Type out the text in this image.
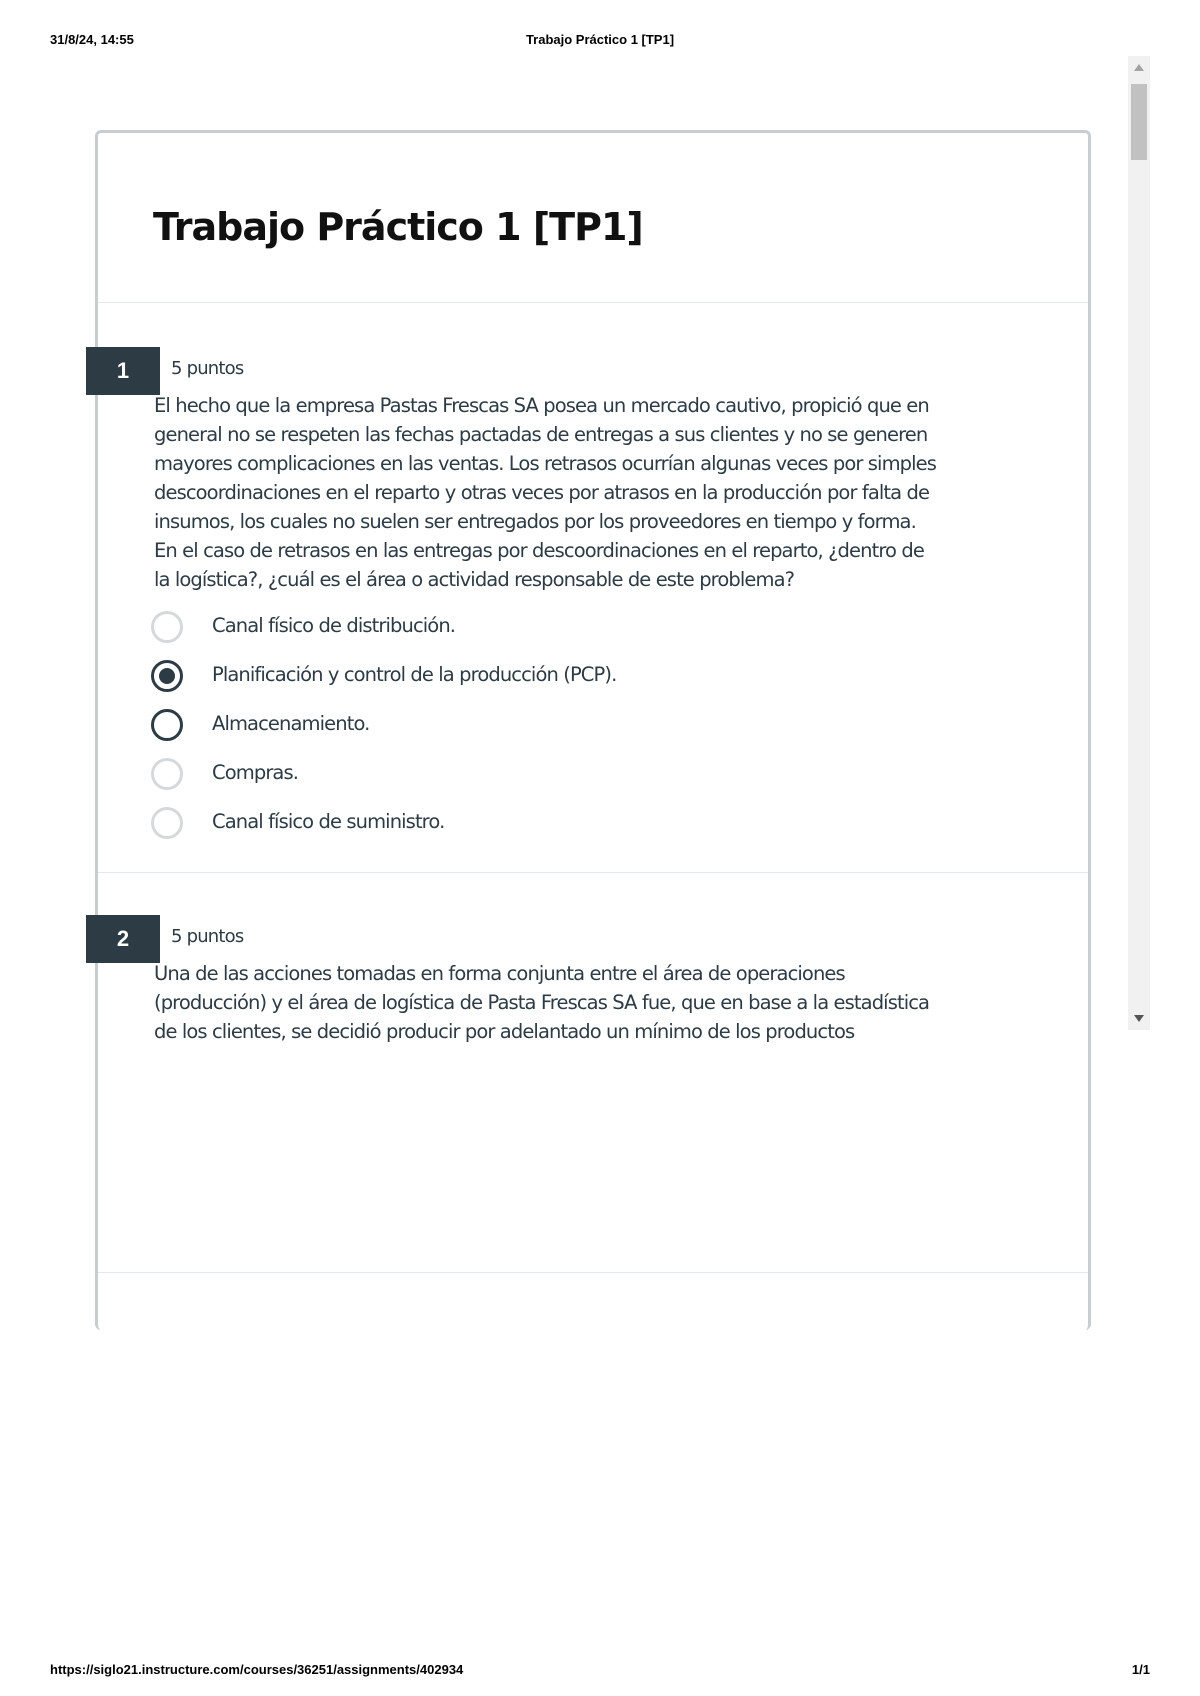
31/8/24, 14:55	Trabajo Práctico 1 [TP1]
Trabajo Práctico 1 [TP1]
1	5 puntos
El hecho que la empresa Pastas Frescas SA posea un mercado cautivo, propició que en
general no se respeten las fechas pactadas de entregas a sus clientes y no se generen
mayores complicaciones en las ventas. Los retrasos ocurrían algunas veces por simples
descoordinaciones en el reparto y otras veces por atrasos en la producción por falta de
insumos, los cuales no suelen ser entregados por los proveedores en tiempo y forma.
En el caso de retrasos en las entregas por descoordinaciones en el reparto, ¿dentro de
la logística?, ¿cuál es el área o actividad responsable de este problema?
Canal físico de distribución.
Planificación y control de la producción (PCP).
Almacenamiento.
Compras.
Canal físico de suministro.
2	5 puntos
Una de las acciones tomadas en forma conjunta entre el área de operaciones
(producción) y el área de logística de Pasta Frescas SA fue, que en base a la estadística
de los clientes, se decidió producir por adelantado un mínimo de los productos
https://siglo21.instructure.com/courses/36251/assignments/402934	1/1
